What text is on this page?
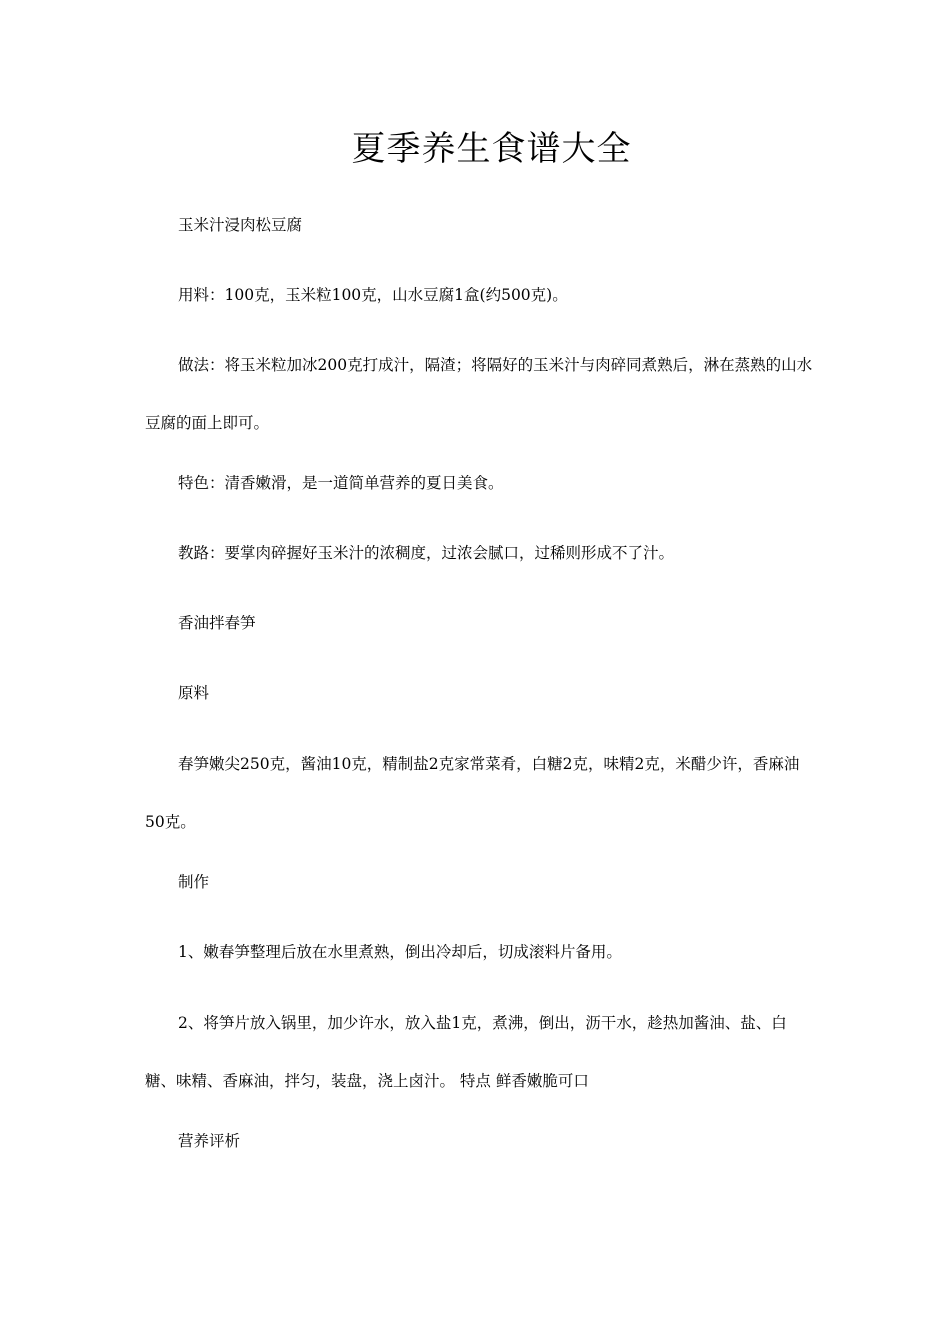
夏季养生食谱大全

玉米汁浸肉松豆腐

用料：100克，玉米粒100克，山水豆腐1盒(约500克)。

做法：将玉米粒加冰200克打成汁，隔渣；将隔好的玉米汁与肉碎同煮熟后，淋在蒸熟的山水豆腐的面上即可。

特色：清香嫩滑，是一道简单营养的夏日美食。

教路：要掌肉碎握好玉米汁的浓稠度，过浓会腻口，过稀则形成不了汁。

香油拌春笋

原料

春笋嫩尖250克，酱油10克，精制盐2克家常菜肴，白糖2克，味精2克，米醋少许，香麻油50克。

制作

1、嫩春笋整理后放在水里煮熟，倒出冷却后，切成滚料片备用。

2、将笋片放入锅里，加少许水，放入盐1克，煮沸，倒出，沥干水，趁热加酱油、盐、白糖、味精、香麻油，拌匀，装盘，浇上卤汁。 特点 鲜香嫩脆可口

营养评析
